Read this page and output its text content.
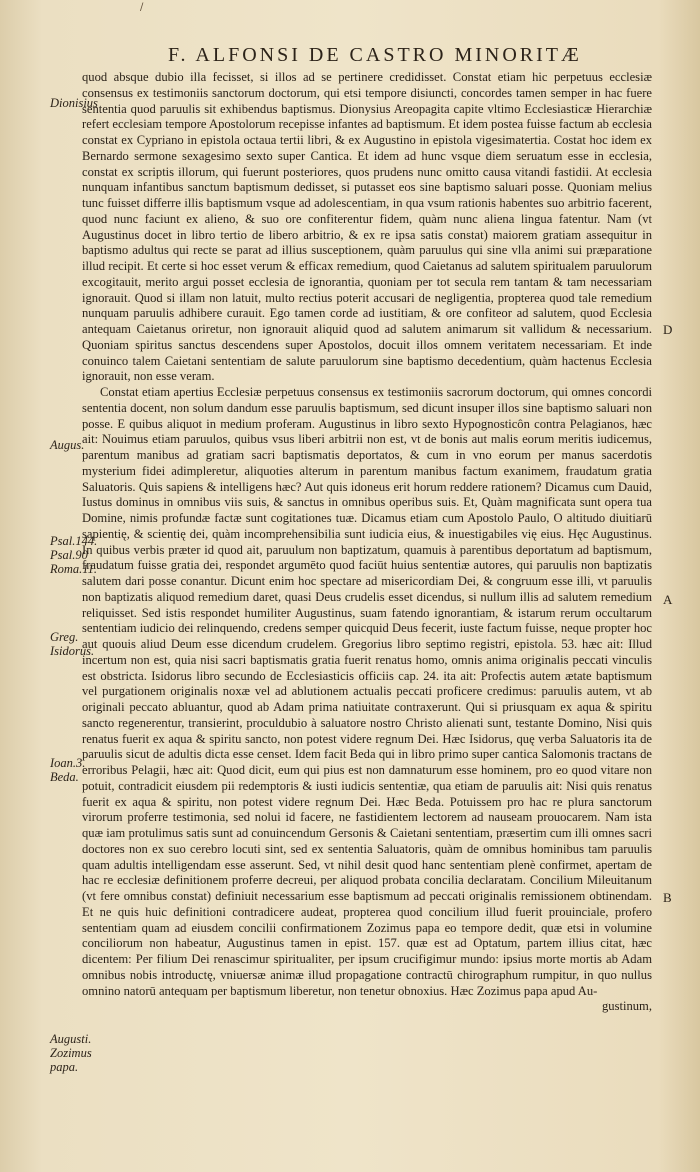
/
F. ALFONSI DE CASTRO MINORITÆ
Dionisius
Augus.
Psal.144.
Psal.90
Roma.11.
Greg.
Isidorus.
Ioan.3.
Beda.
Augusti.
Zozimus
papa.
D
A
B

quod absque dubio illa fecisset, si illos ad se pertinere credidisset. Constat etiam hic perpetuus ecclesiæ consensus ex testimoniis sanctorum doctorum, qui etsi tempore disiuncti, concordes tamen semper in hac fuere sententia quod paruulis sit exhibendus baptismus. Dionysius Areopagita capite vltimo Ecclesiasticæ Hierarchiæ refert ecclesiam tempore Apostolorum recepisse infantes ad baptismum. Et idem postea fuisse factum ab ecclesia constat ex Cypriano in epistola octaua tertii libri, & ex Augustino in epistola vigesimatertia. Costat hoc idem ex Bernardo sermone sexagesimo sexto super Cantica. Et idem ad hunc vsque diem seruatum esse in ecclesia, constat ex scriptis illorum, qui fuerunt posteriores, quos prudens nunc omitto causa vitandi fastidii. At ecclesia nunquam infantibus sanctum baptismum dedisset, si putasset eos sine baptismo saluari posse. Quoniam melius tunc fuisset differre illis baptismum vsque ad adolescentiam, in qua vsum rationis habentes suo arbitrio facerent, quod nunc faciunt ex alieno, & suo ore confiterentur fidem, quàm nunc aliena lingua fatentur. Nam (vt Augustinus docet in libro tertio de libero arbitrio, & ex re ipsa satis constat) maiorem gratiam assequitur in baptismo adultus qui recte se parat ad illius susceptionem, quàm paruulus qui sine vlla animi sui præparatione illud recipit. Et certe si hoc esset verum & efficax remedium, quod Caietanus ad salutem spiritualem paruulorum excogitauit, merito argui posset ecclesia de ignorantia, quoniam per tot secula rem tantam & tam necessariam ignorauit. Quod si illam non latuit, multo rectius poterit accusari de negligentia, propterea quod tale remedium nunquam paruulis adhibere curauit. Ego tamen corde ad iustitiam, & ore confiteor ad salutem, quod Ecclesia antequam Caietanus oriretur, non ignorauit aliquid quod ad salutem animarum sit vallidum & necessarium. Quoniam spiritus sanctus descendens super Apostolos, docuit illos omnem veritatem necessariam. Et inde conuinco talem Caietani sententiam de salute paruulorum sine baptismo decedentium, quàm hactenus Ecclesia ignorauit, non esse veram.

Constat etiam apertius Ecclesiæ perpetuus consensus ex testimoniis sacrorum doctorum, qui omnes concordi sententia docent, non solum dandum esse paruulis baptismum, sed dicunt insuper illos sine baptismo saluari non posse. E quibus aliquot in medium proferam. Augustinus in libro sexto Hypognosticôn contra Pelagianos, hæc ait: Nouimus etiam paruulos, quibus vsus liberi arbitrii non est, vt de bonis aut malis eorum meritis iudicemus, parentum manibus ad gratiam sacri baptismatis deportatos, & cum in vno eorum per manus sacerdotis mysterium fidei adimpleretur, aliquoties alterum in parentum manibus factum exanimem, fraudatum gratia Saluatoris. Quis sapiens & intelligens hæc? Aut quis idoneus erit horum reddere rationem? Dicamus cum Dauid, Iustus dominus in omnibus viis suis, & sanctus in omnibus operibus suis. Et, Quàm magnificata sunt opera tua Domine, nimis profundæ factæ sunt cogitationes tuæ. Dicamus etiam cum Apostolo Paulo, O altitudo diuitiarū sapientię, & scientię dei, quàm incomprehensibilia sunt iudicia eius, & inuestigabiles vię eius. Hęc Augustinus. In quibus verbis præter id quod ait, paruulum non baptizatum, quamuis à parentibus deportatum ad baptismum, fraudatum fuisse gratia dei, respondet argumēto quod faciūt huius sententiæ autores, qui paruulis non baptizatis salutem dari posse conantur. Dicunt enim hoc spectare ad misericordiam Dei, & congruum esse illi, vt paruulis non baptizatis aliquod remedium daret, quasi Deus crudelis esset dicendus, si nullum illis ad salutem remedium reliquisset. Sed istis respondet humiliter Augustinus, suam fatendo ignorantiam, & istarum rerum occultarum sententiam iudicio dei relinquendo, credens semper quicquid Deus fecerit, iuste factum fuisse, neque propter hoc aut quouis aliud Deum esse dicendum crudelem. Gregorius libro septimo registri, epistola. 53. hæc ait: Illud incertum non est, quia nisi sacri baptismatis gratia fuerit renatus homo, omnis anima originalis peccati vinculis est obstricta. Isidorus libro secundo de Ecclesiasticis officiis cap. 24. ita ait: Profectis autem ætate baptismum vel purgationem originalis noxæ vel ad ablutionem actualis peccati proficere credimus: paruulis autem, vt ab originali peccato abluantur, quod ab Adam prima natiuitate contraxerunt. Qui si priusquam ex aqua & spiritu sancto regenerentur, transierint, proculdubio à saluatore nostro Christo alienati sunt, testante Domino, Nisi quis renatus fuerit ex aqua & spiritu sancto, non potest videre regnum Dei. Hæc Isidorus, quę verba Saluatoris ita de paruulis sicut de adultis dicta esse censet. Idem facit Beda qui in libro primo super cantica Salomonis tractans de erroribus Pelagii, hæc ait: Quod dicit, eum qui pius est non damnaturum esse hominem, pro eo quod vitare non potuit, contradicit eiusdem pii redemptoris & iusti iudicis sententiæ, qua etiam de paruulis ait: Nisi quis renatus fuerit ex aqua & spiritu, non potest videre regnum Dei. Hæc Beda. Potuissem pro hac re plura sanctorum virorum proferre testimonia, sed nolui id facere, ne fastidientem lectorem ad nauseam prouocarem. Nam ista quæ iam protulimus satis sunt ad conuincendum Gersonis & Caietani sententiam, præsertim cum illi omnes sacri doctores non ex suo cerebro locuti sint, sed ex sententia Saluatoris, quàm de omnibus hominibus tam paruulis quam adultis intelligendam esse asserunt. Sed, vt nihil desit quod hanc sententiam plenè confirmet, apertam de hac re ecclesiæ definitionem proferre decreui, per aliquod probata concilia declaratam. Concilium Mileuitanum (vt fere omnibus constat) definiuit necessarium esse baptismum ad peccati originalis remissionem obtinendam. Et ne quis huic definitioni contradicere audeat, propterea quod concilium illud fuerit prouinciale, profero sententiam quam ad eiusdem concilii confirmationem Zozimus papa eo tempore dedit, quæ etsi in volumine conciliorum non habeatur, Augustinus tamen in epist. 157. quæ est ad Optatum, partem illius citat, hæc dicentem: Per filium Dei renascimur spiritualiter, per ipsum crucifigimur mundo: ipsius morte mortis ab Adam omnibus nobis introductę, vniuersæ animæ illud propagatione contractū chirographum rumpitur, in quo nullus omnino natorū antequam per baptismum liberetur, non tenetur obnoxius. Hæc Zozimus papa apud Au-

gustinum,
